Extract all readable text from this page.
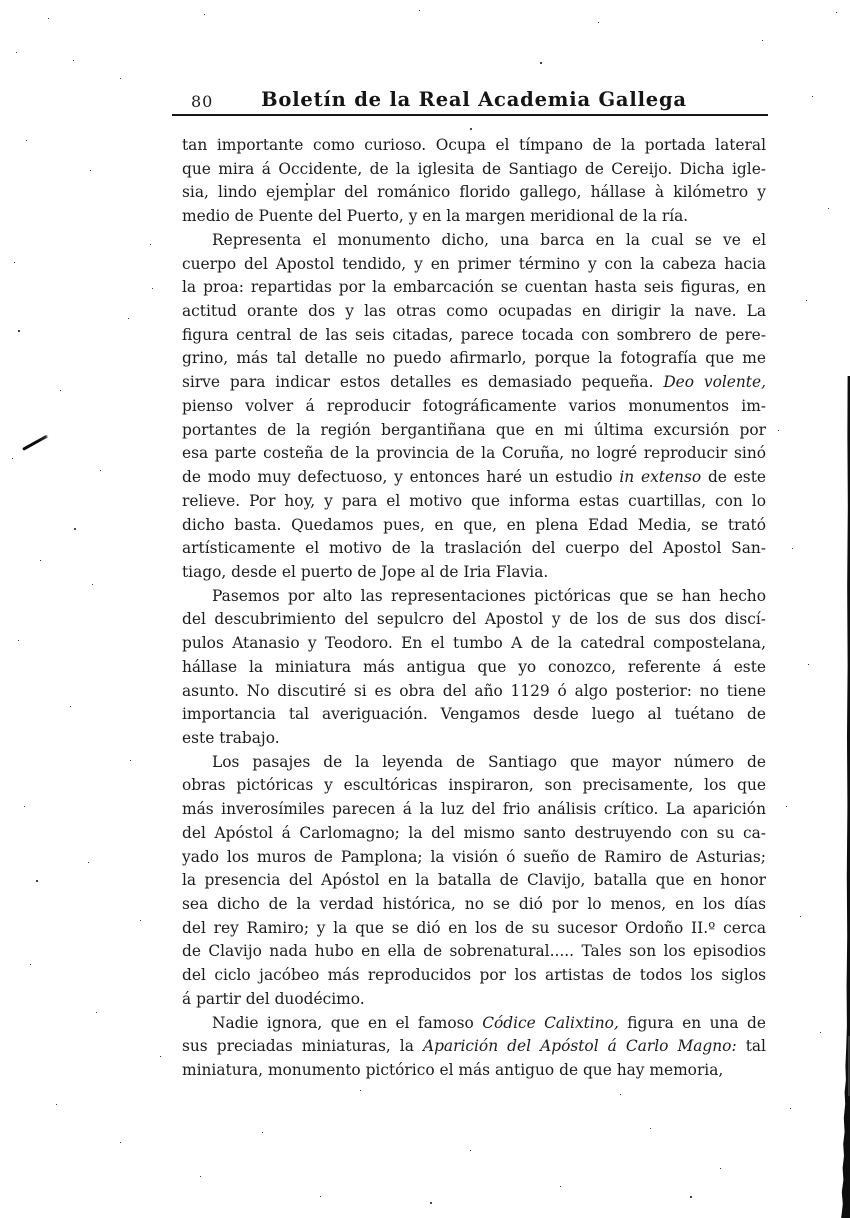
80	Boletín de la Real Academia Gallega
tan importante como curioso. Ocupa el tímpano de la portada lateral
que mira á Occidente, de la iglesita de Santiago de Cereijo. Dicha igle-
sia, lindo ejemplar del románico florido gallego, hállase à kilómetro y
medio de Puente del Puerto, y en la margen meridional de la ría.
Representa el monumento dicho, una barca en la cual se ve el
cuerpo del Apostol tendido, y en primer término y con la cabeza hacia
la proa: repartidas por la embarcación se cuentan hasta seis figuras, en
actitud orante dos y las otras como ocupadas en dirigir la nave. La
figura central de las seis citadas, parece tocada con sombrero de pere-
grino, más tal detalle no puedo afirmarlo, porque la fotografía que me
sirve para indicar estos detalles es demasiado pequeña. Deo volente,
pienso volver á reproducir fotográficamente varios monumentos im-
portantes de la región bergantiñana que en mi última excursión por
esa parte costeña de la provincia de la Coruña, no logré reproducir sinó
de modo muy defectuoso, y entonces haré un estudio in extenso de este
relieve. Por hoy, y para el motivo que informa estas cuartillas, con lo
dicho basta. Quedamos pues, en que, en plena Edad Media, se trató
artísticamente el motivo de la traslación del cuerpo del Apostol San-
tiago, desde el puerto de Jope al de Iria Flavia.
Pasemos por alto las representaciones pictóricas que se han hecho
del descubrimiento del sepulcro del Apostol y de los de sus dos discí-
pulos Atanasio y Teodoro. En el tumbo A de la catedral compostelana,
hállase la miniatura más antigua que yo conozco, referente á este
asunto. No discutiré si es obra del año 1129 ó algo posterior: no tiene
importancia tal averiguación. Vengamos desde luego al tuétano de
este trabajo.
Los pasajes de la leyenda de Santiago que mayor número de
obras pictóricas y escultóricas inspiraron, son precisamente, los que
más inverosímiles parecen á la luz del frio análisis crítico. La aparición
del Apóstol á Carlomagno; la del mismo santo destruyendo con su ca-
yado los muros de Pamplona; la visión ó sueño de Ramiro de Asturias;
la presencia del Apóstol en la batalla de Clavijo, batalla que en honor
sea dicho de la verdad histórica, no se dió por lo menos, en los días
del rey Ramiro; y la que se dió en los de su sucesor Ordoño II.º cerca
de Clavijo nada hubo en ella de sobrenatural..... Tales son los episodios
del ciclo jacóbeo más reproducidos por los artistas de todos los siglos
á partir del duodécimo.
Nadie ignora, que en el famoso Códice Calixtino, figura en una de
sus preciadas miniaturas, la Aparición del Apóstol á Carlo Magno: tal
miniatura, monumento pictórico el más antiguo de que hay memoria,
